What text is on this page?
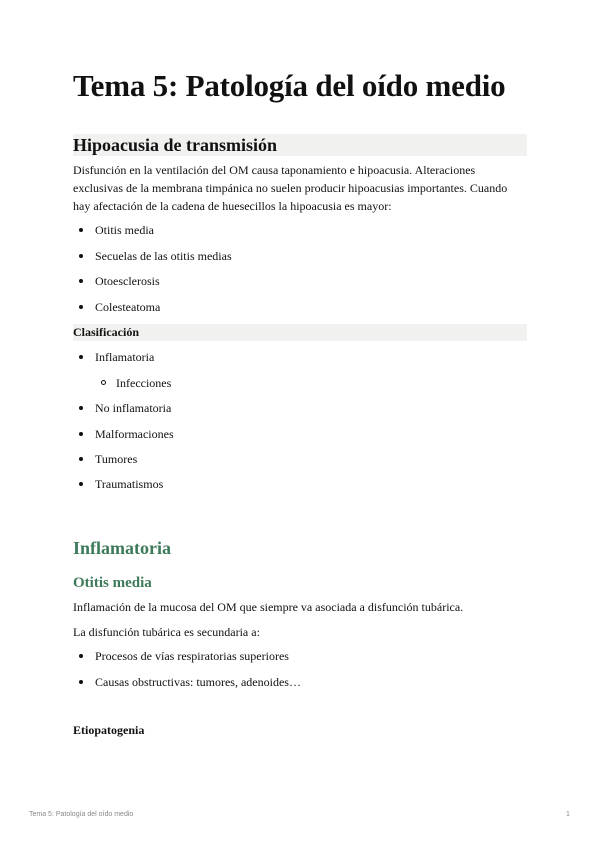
Tema 5: Patología del oído medio
Hipoacusia de transmisión

Disfunción en la ventilación del OM causa taponamiento e hipoacusia. Alteraciones exclusivas de la membrana timpánica no suelen producir hipoacusias importantes. Cuando hay afectación de la cadena de huesecillos la hipoacusia es mayor:

Otitis media
Secuelas de las otitis medias
Otoesclerosis
Colesteatoma
Clasificación
Inflamatoria
Infecciones
No inflamatoria
Malformaciones
Tumores
Traumatismos
Inflamatoria
Otitis media

Inflamación de la mucosa del OM que siempre va asociada a disfunción tubárica.

La disfunción tubárica es secundaria a:

Procesos de vías respiratorias superiores
Causas obstructivas: tumores, adenoides…

Etiopatogenia

Tema 5: Patología del oído medio	1
